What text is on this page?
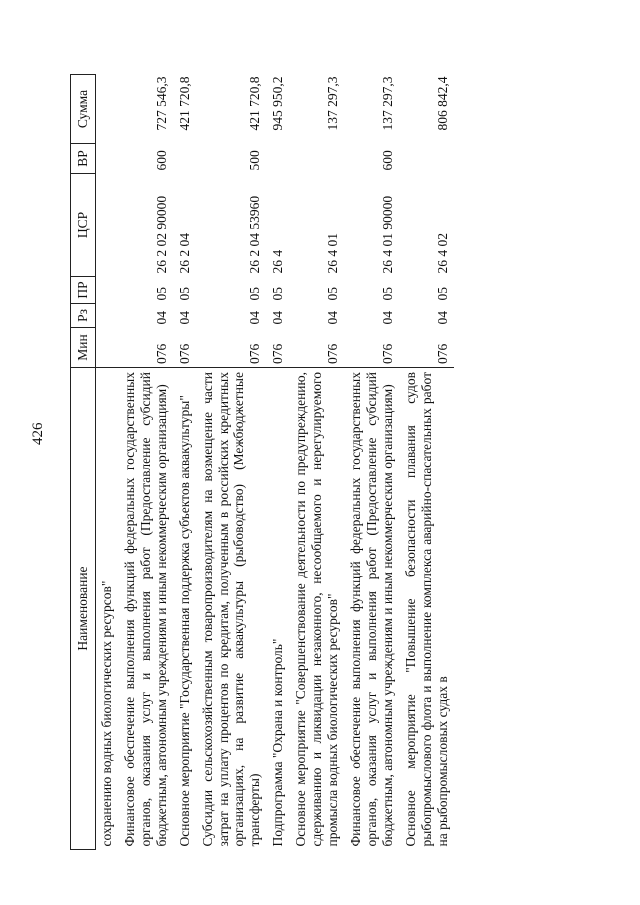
426
Наименование	Мин	Рз	ПР	ЦСР	ВР	Сумма
сохранению водных биологических ресурсов"						
Финансовое обеспечение выполнения функций федеральных государственных органов, оказания услуг и выполнения работ (Предоставление субсидий бюджетным, автономным учреждениям и иным некоммерческим организациям)	076	04	05	26 2 02 90000	600	727 546,3
Основное мероприятие "Государственная поддержка субъектов аквакультуры"	076	04	05	26 2 04		421 720,8
Субсидии сельскохозяйственным товаропроизводителям на возмещение части затрат на уплату процентов по кредитам, полученным в российских кредитных организациях, на развитие аквакультуры (рыбоводство) (Межбюджетные трансферты)	076	04	05	26 2 04 53960	500	421 720,8
Подпрограмма "Охрана и контроль"	076	04	05	26 4		945 950,2
Основное мероприятие "Совершенствование деятельности по предупреждению, сдерживанию и ликвидации незаконного, несообщаемого и нерегулируемого промысла водных биологических ресурсов"	076	04	05	26 4 01		137 297,3
Финансовое обеспечение выполнения функций федеральных государственных органов, оказания услуг и выполнения работ (Предоставление субсидий бюджетным, автономным учреждениям и иным некоммерческим организациям)	076	04	05	26 4 01 90000	600	137 297,3
Основное мероприятие "Повышение безопасности плавания судов рыбопромыслового флота и выполнение комплекса аварийно-спасательных работ на рыбопромысловых судах в	076	04	05	26 4 02		806 842,4
